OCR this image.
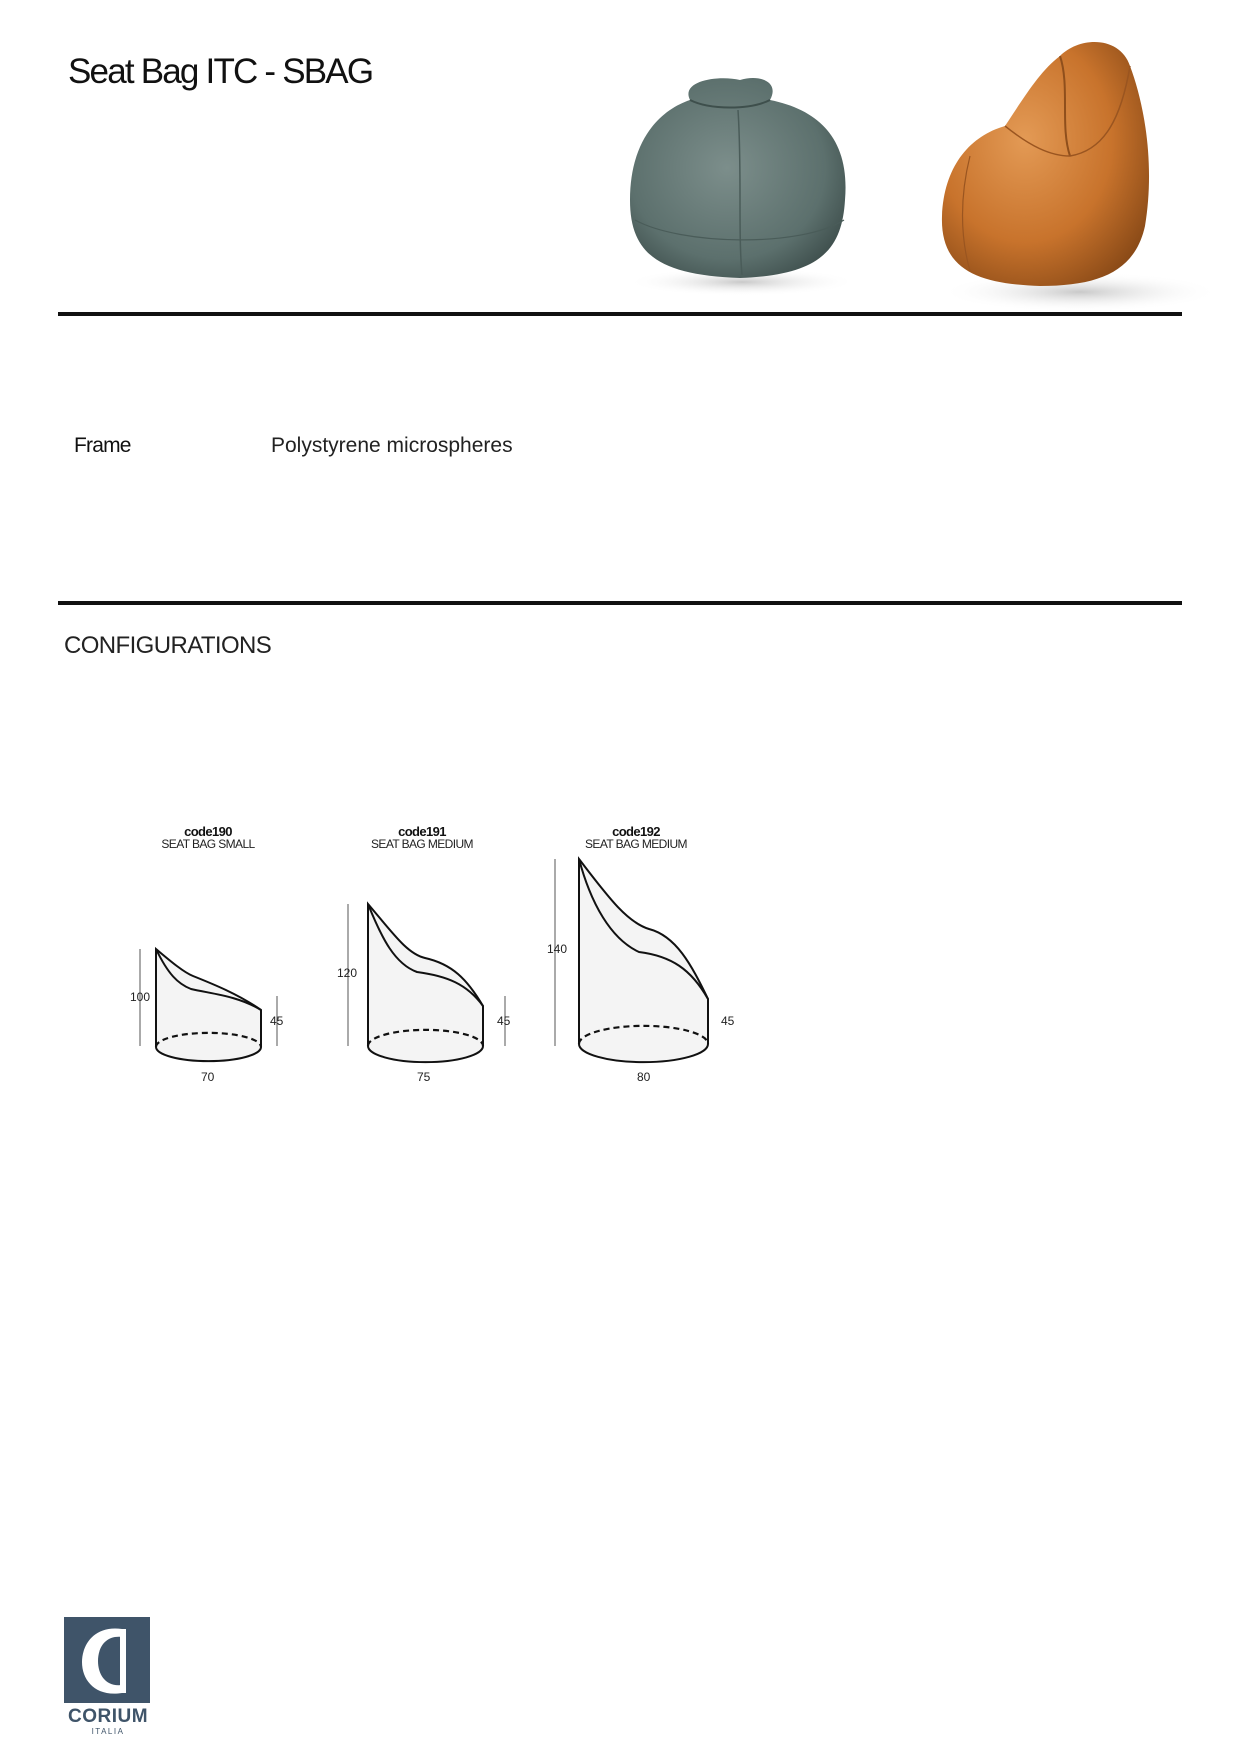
Seat Bag ITC - SBAG
Frame	Polystyrene microspheres
CONFIGURATIONS
code190
SEAT BAG SMALL
100
45
70
code191
SEAT BAG MEDIUM
120
45
75
code192
SEAT BAG MEDIUM
140
45
80
CORIUM
ITALIA
